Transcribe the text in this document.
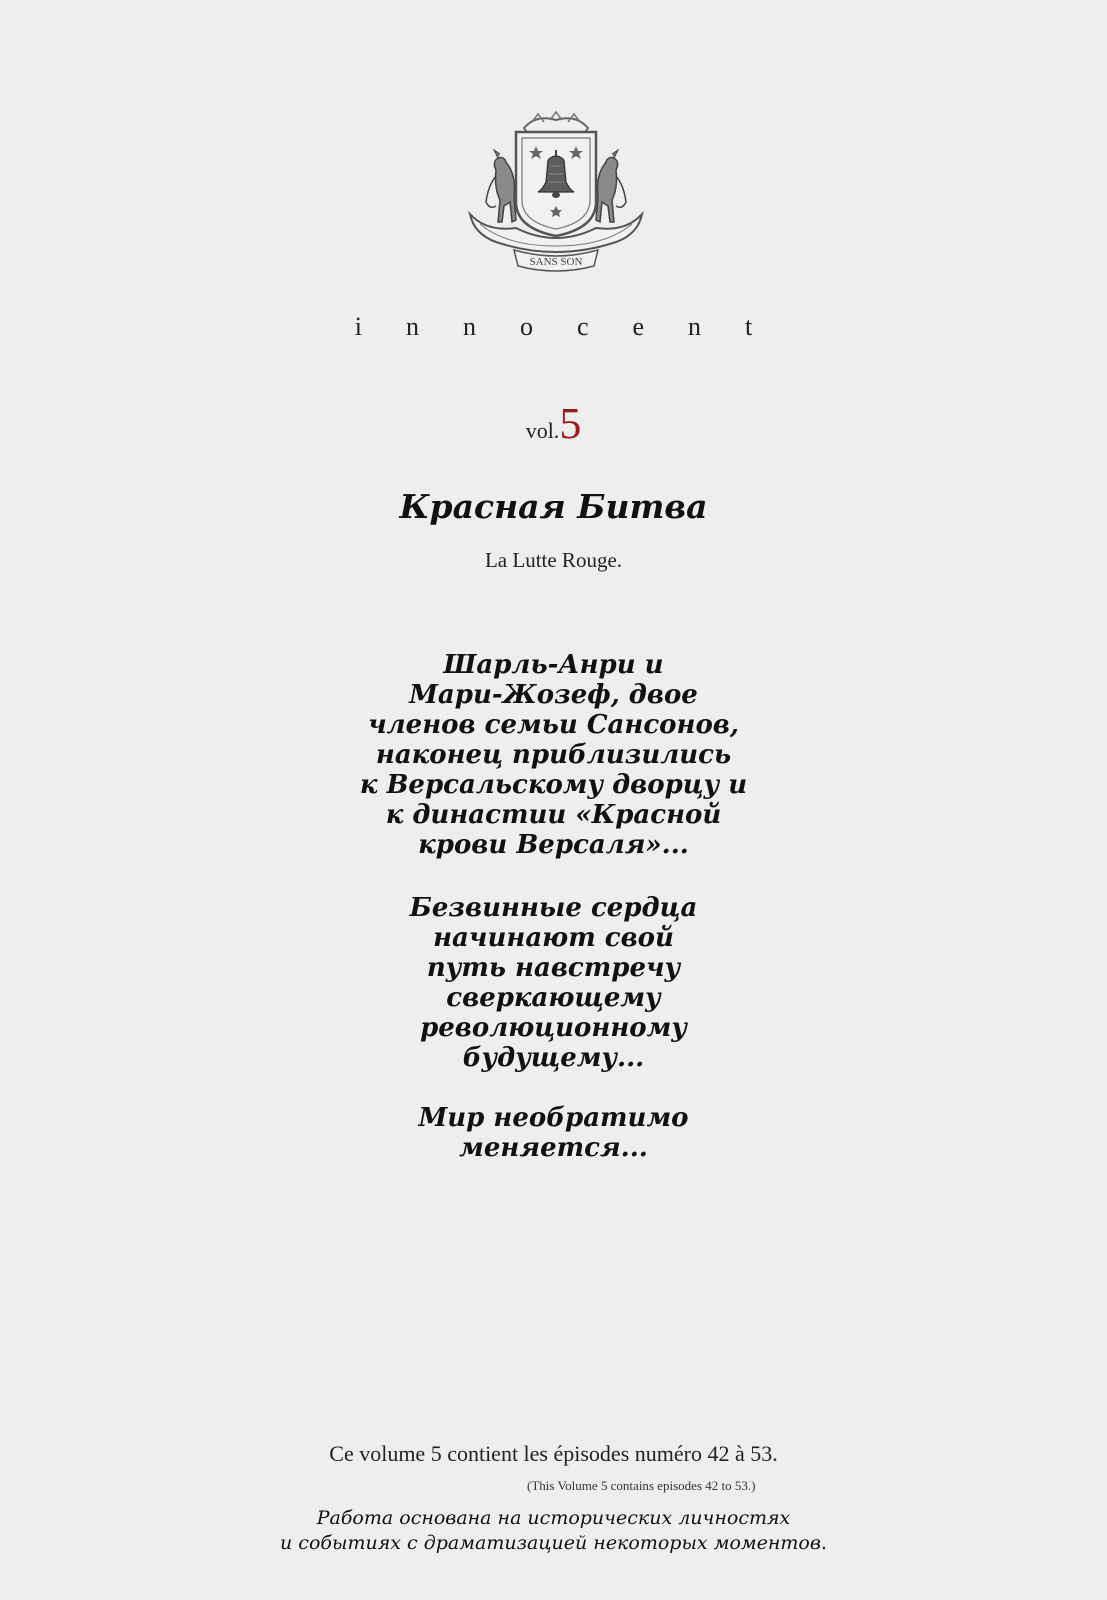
SANS SON
innocent
vol.5
Красная Битва
La Lutte Rouge.
Шарль-Анри и
Мари-Жозеф, двое
членов семьи Сансонов,
наконец приблизились
к Версальскому дворцу и
к династии «Красной
крови Версаля»...
Безвинные сердца
начинают свой
путь навстречу
сверкающему
революционному
будущему...
Мир необратимо
меняется...
Ce volume 5 contient les épisodes numéro 42 à 53.
(This Volume 5 contains episodes 42 to 53.)
Работа основана на исторических личностях
и событиях с драматизацией некоторых моментов.
